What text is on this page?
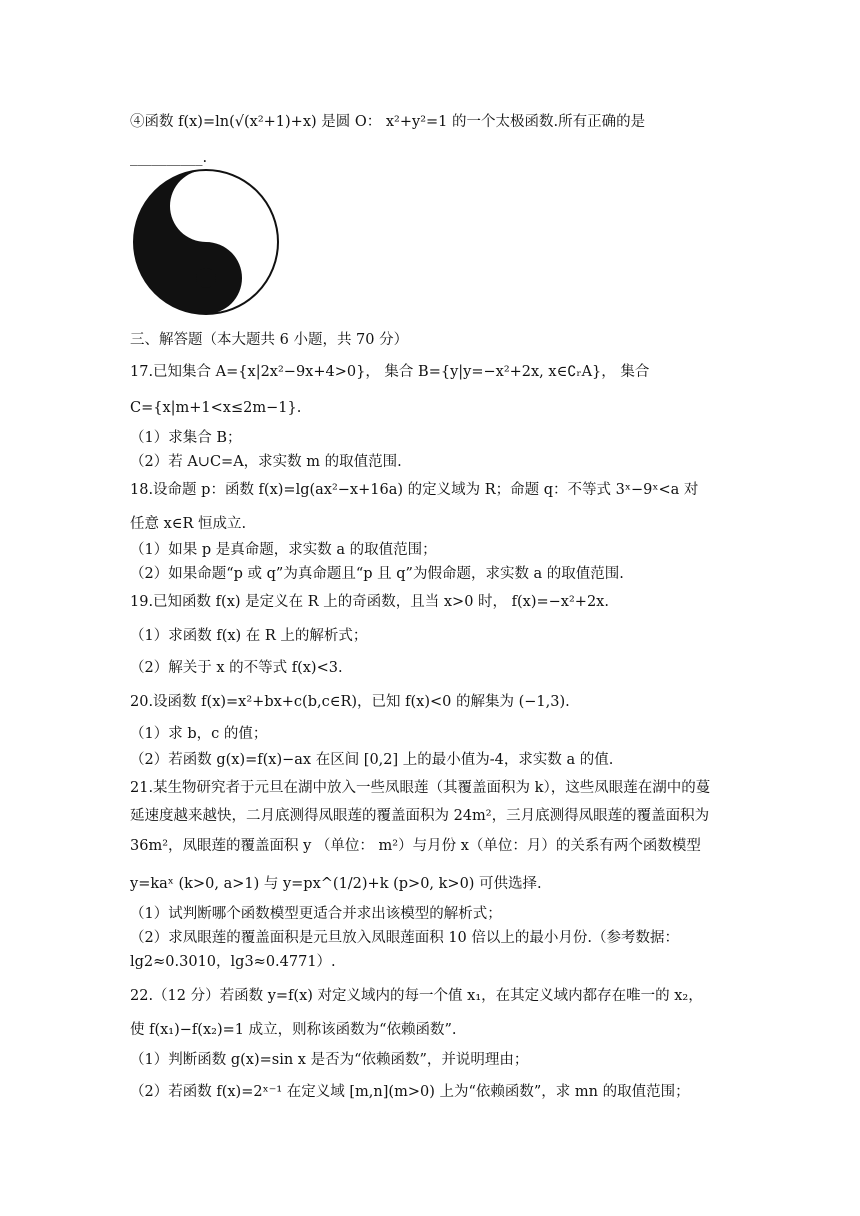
④函数 f(x)=ln(√(x²+1)+x) 是圆 O： x²+y²=1 的一个太极函数.所有正确的是
__________.
三、解答题（本大题共 6 小题，共 70 分）
17.已知集合 A={x|2x²−9x+4>0}， 集合 B={y|y=−x²+2x, x∈∁ᵣA}， 集合
C={x|m+1<x≤2m−1}.
（1）求集合 B；
（2）若 A∪C=A，求实数 m 的取值范围.
18.设命题 p：函数 f(x)=lg(ax²−x+16a) 的定义域为 R；命题 q：不等式 3ˣ−9ˣ<a 对
任意 x∈R 恒成立.
（1）如果 p 是真命题，求实数 a 的取值范围；
（2）如果命题“p 或 q”为真命题且“p 且 q”为假命题，求实数 a 的取值范围.
19.已知函数 f(x) 是定义在 R 上的奇函数，且当 x>0 时， f(x)=−x²+2x.
（1）求函数 f(x) 在 R 上的解析式；
（2）解关于 x 的不等式 f(x)<3.
20.设函数 f(x)=x²+bx+c(b,c∈R)，已知 f(x)<0 的解集为 (−1,3).
（1）求 b，c 的值；
（2）若函数 g(x)=f(x)−ax 在区间 [0,2] 上的最小值为-4，求实数 a 的值.
21.某生物研究者于元旦在湖中放入一些凤眼莲（其覆盖面积为 k），这些凤眼莲在湖中的蔓
延速度越来越快，二月底测得凤眼莲的覆盖面积为 24m²，三月底测得凤眼莲的覆盖面积为
36m²，凤眼莲的覆盖面积 y （单位： m²）与月份 x（单位：月）的关系有两个函数模型
y=kaˣ (k>0, a>1) 与 y=px^(1/2)+k (p>0, k>0) 可供选择.
（1）试判断哪个函数模型更适合并求出该模型的解析式；
（2）求凤眼莲的覆盖面积是元旦放入凤眼莲面积 10 倍以上的最小月份.（参考数据：
lg2≈0.3010，lg3≈0.4771）.
22.（12 分）若函数 y=f(x) 对定义域内的每一个值 x₁，在其定义域内都存在唯一的 x₂，
使 f(x₁)−f(x₂)=1 成立，则称该函数为“依赖函数”.
（1）判断函数 g(x)=sin x 是否为“依赖函数”，并说明理由；
（2）若函数 f(x)=2ˣ⁻¹ 在定义域 [m,n](m>0) 上为“依赖函数”，求 mn 的取值范围；
